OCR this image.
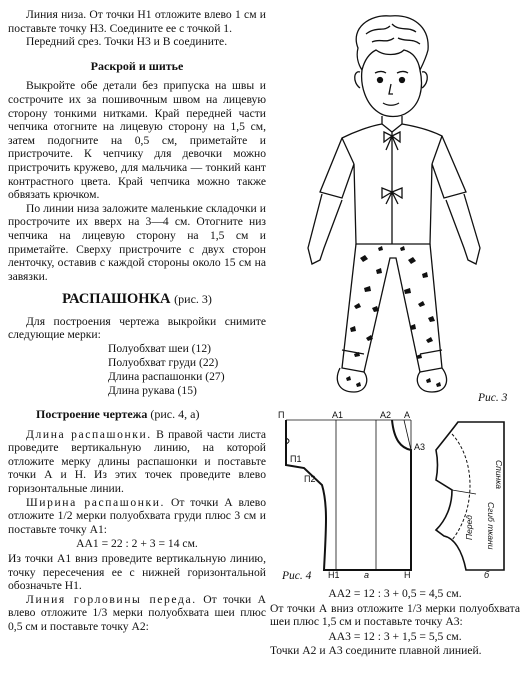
Линия низа. От точки Н1 отложите влево 1 см и поставьте точку Н3. Соедините ее с точкой 1.

Передний срез. Точки Н3 и В соедините.

Раскрой и шитье

Выкройте обе детали без припуска на швы и сострочите их за пошивочным швом на лицевую сторону тонкими нитками. Край передней части чепчика отогните на лицевую сторону на 1,5 см, затем подогните на 0,5 см, приметайте и пристрочите. К чепчику для девочки можно пристрочить кружево, для мальчика — тонкий кант контрастного цвета. Край чепчика можно также обвязать крючком.

По линии низа заложите маленькие складочки и прострочите их вверх на 3—4 см. Отогните низ чепчика на лицевую сторону на 1,5 см и приметайте. Сверху пристрочите с двух сторон ленточку, оставив с каждой стороны около 15 см на завязки.

РАСПАШОНКА (рис. 3)

Для построения чертежа выкройки снимите следующие мерки:

Полуобхват шеи (12)

Полуобхват груди (22)

Длина распашонки (27)

Длина рукава (15)

Построение чертежа (рис. 4, а)

Длина распашонки. В правой части листа проведите вертикальную линию, на которой отложите мерку длины распашонки и поставьте точки А и Н. Из этих точек проведите влево горизонтальные линии.

Ширина распашонки. От точки А влево отложите 1/2 мерки полуобхвата груди плюс 3 см и поставьте точку А1:

АА1 = 22 : 2 + 3 = 14 см.

Из точки А1 вниз проведите вертикальную линию, точку пересечения ее с нижней горизонтальной обозначьте Н1.

Линия горловины переда. От точки А влево отложите 1/3 мерки полуобхвата шеи плюс 0,5 см и поставьте точку А2:

Рис. 3
П	А1	А2 А
А3
П1
П2
Н1	Н
а	б
Спинка
Перед Сгиб ткани
Рис. 4

АА2 = 12 : 3 + 0,5 = 4,5 см.

От точки А вниз отложите 1/3 мерки полуобхвата шеи плюс 1,5 см и поставьте точку А3:

АА3 = 12 : 3 + 1,5 = 5,5 см.

Точки А2 и А3 соедините плавной линией.
